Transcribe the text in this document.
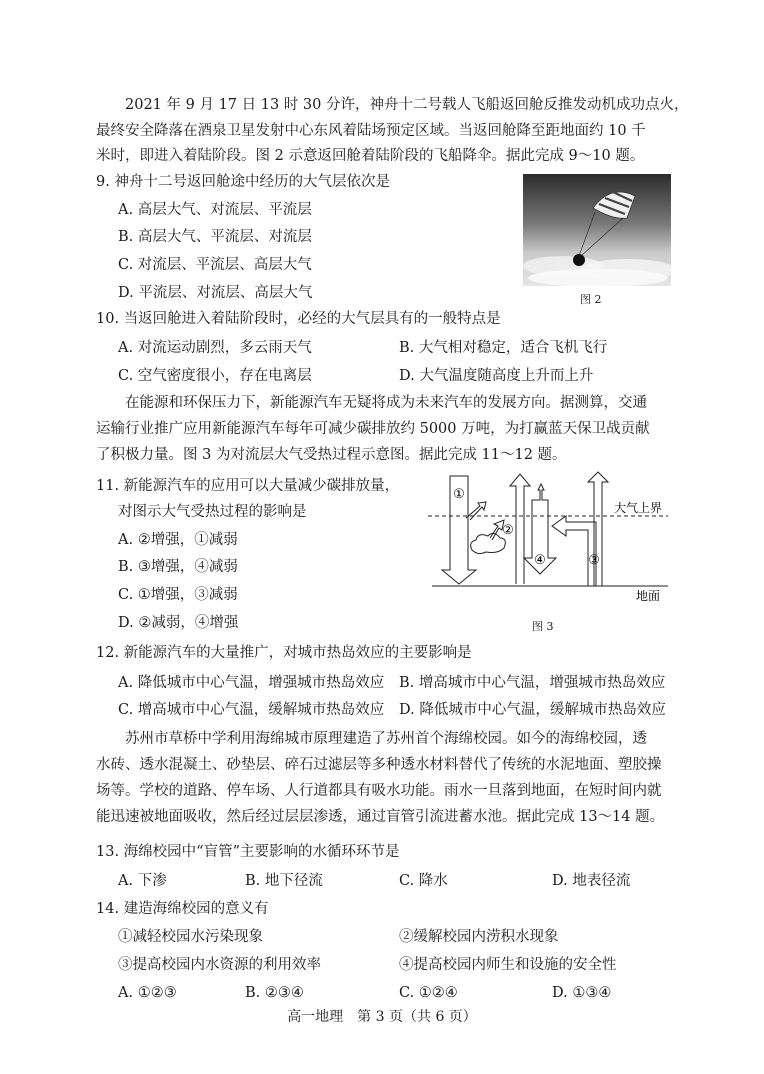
2021 年 9 月 17 日 13 时 30 分许，神舟十二号载人飞船返回舱反推发动机成功点火，
最终安全降落在酒泉卫星发射中心东风着陆场预定区域。当返回舱降至距地面约 10 千
米时，即进入着陆阶段。图 2 示意返回舱着陆阶段的飞船降伞。据此完成 9～10 题。
9. 神舟十二号返回舱途中经历的大气层依次是
A. 高层大气、对流层、平流层
B. 高层大气、平流层、对流层
C. 对流层、平流层、高层大气
D. 平流层、对流层、高层大气	图 2
10. 当返回舱进入着陆阶段时，必经的大气层具有的一般特点是
A. 对流运动剧烈，多云雨天气	B. 大气相对稳定，适合飞机飞行
C. 空气密度很小，存在电离层	D. 大气温度随高度上升而上升
在能源和环保压力下，新能源汽车无疑将成为未来汽车的发展方向。据测算，交通
运输行业推广应用新能源汽车每年可减少碳排放约 5000 万吨，为打赢蓝天保卫战贡献
了积极力量。图 3 为对流层大气受热过程示意图。据此完成 11～12 题。
11. 新能源汽车的应用可以大量减少碳排放量，
对图示大气受热过程的影响是
A. ②增强，①减弱
B. ③增强，④减弱
C. ①增强，③减弱
D. ②减弱，④增强
①
②
③
④
大气上界
地面
图 3
12. 新能源汽车的大量推广，对城市热岛效应的主要影响是
A. 降低城市中心气温，增强城市热岛效应 B. 增高城市中心气温，增强城市热岛效应
C. 增高城市中心气温，缓解城市热岛效应 D. 降低城市中心气温，缓解城市热岛效应
苏州市草桥中学利用海绵城市原理建造了苏州首个海绵校园。如今的海绵校园，透
水砖、透水混凝土、砂垫层、碎石过滤层等多种透水材料替代了传统的水泥地面、塑胶操
场等。学校的道路、停车场、人行道都具有吸水功能。雨水一旦落到地面，在短时间内就
能迅速被地面吸收，然后经过层层渗透，通过盲管引流进蓄水池。据此完成 13～14 题。
13. 海绵校园中“盲管”主要影响的水循环环节是
A. 下渗	B. 地下径流	C. 降水	D. 地表径流
14. 建造海绵校园的意义有
①减轻校园水污染现象	②缓解校园内涝积水现象
③提高校园内水资源的利用效率	④提高校园内师生和设施的安全性
A. ①②③	B. ②③④	C. ①②④	D. ①③④
高一地理　第 3 页（共 6 页）
